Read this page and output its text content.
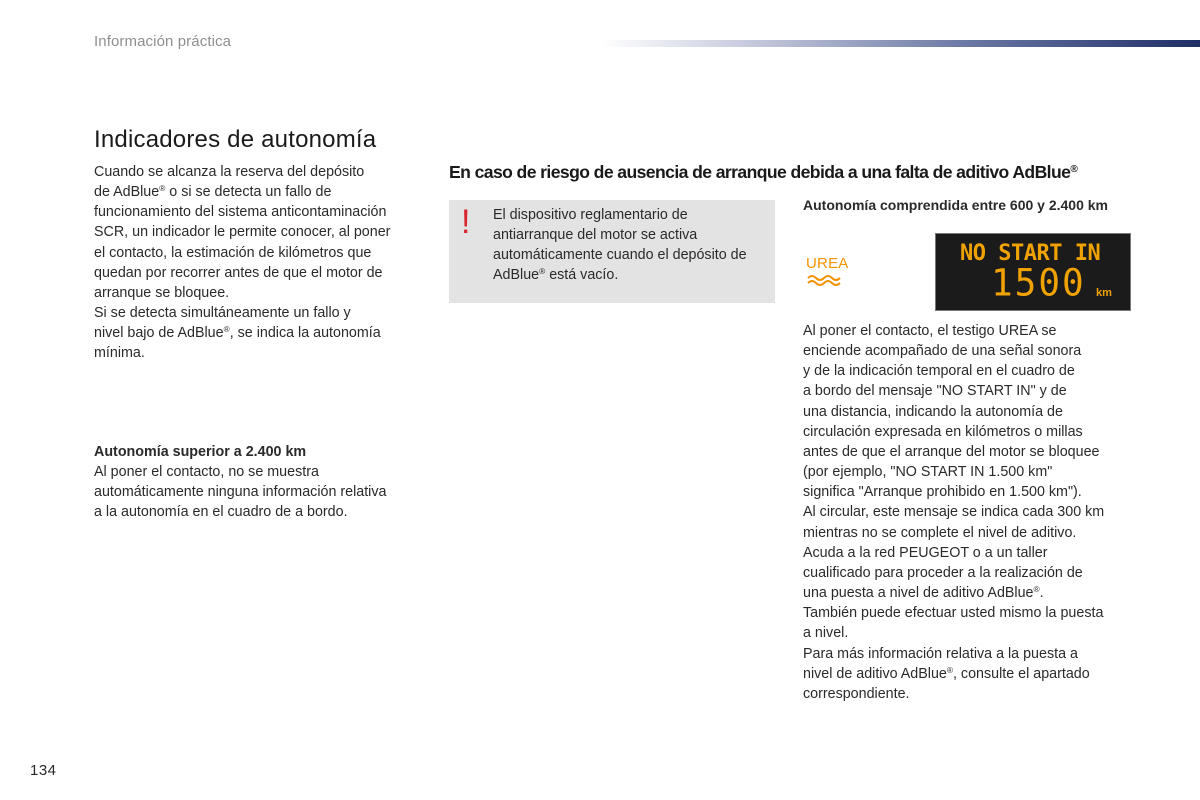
Información práctica
Indicadores de autonomía
Cuando se alcanza la reserva del depósito
de AdBlue® o si se detecta un fallo de
funcionamiento del sistema anticontaminación
SCR, un indicador le permite conocer, al poner
el contacto, la estimación de kilómetros que
quedan por recorrer antes de que el motor de
arranque se bloquee.
Si se detecta simultáneamente un fallo y
nivel bajo de AdBlue®, se indica la autonomía
mínima.
Autonomía superior a 2.400 km
Al poner el contacto, no se muestra
automáticamente ninguna información relativa
a la autonomía en el cuadro de a bordo.
En caso de riesgo de ausencia de arranque debida a una falta de aditivo AdBlue®
! El dispositivo reglamentario de
antiarranque del motor se activa
automáticamente cuando el depósito de
AdBlue® está vacío.
Autonomía comprendida entre 600 y 2.400 km
UREA	NO START IN
1500 km
Al poner el contacto, el testigo UREA se
enciende acompañado de una señal sonora
y de la indicación temporal en el cuadro de
a bordo del mensaje "NO START IN" y de
una distancia, indicando la autonomía de
circulación expresada en kilómetros o millas
antes de que el arranque del motor se bloquee
(por ejemplo, "NO START IN 1.500 km"
significa "Arranque prohibido en 1.500 km").
Al circular, este mensaje se indica cada 300 km
mientras no se complete el nivel de aditivo.
Acuda a la red PEUGEOT o a un taller
cualificado para proceder a la realización de
una puesta a nivel de aditivo AdBlue®.
También puede efectuar usted mismo la puesta
a nivel.
Para más información relativa a la puesta a
nivel de aditivo AdBlue®, consulte el apartado
correspondiente.
134
